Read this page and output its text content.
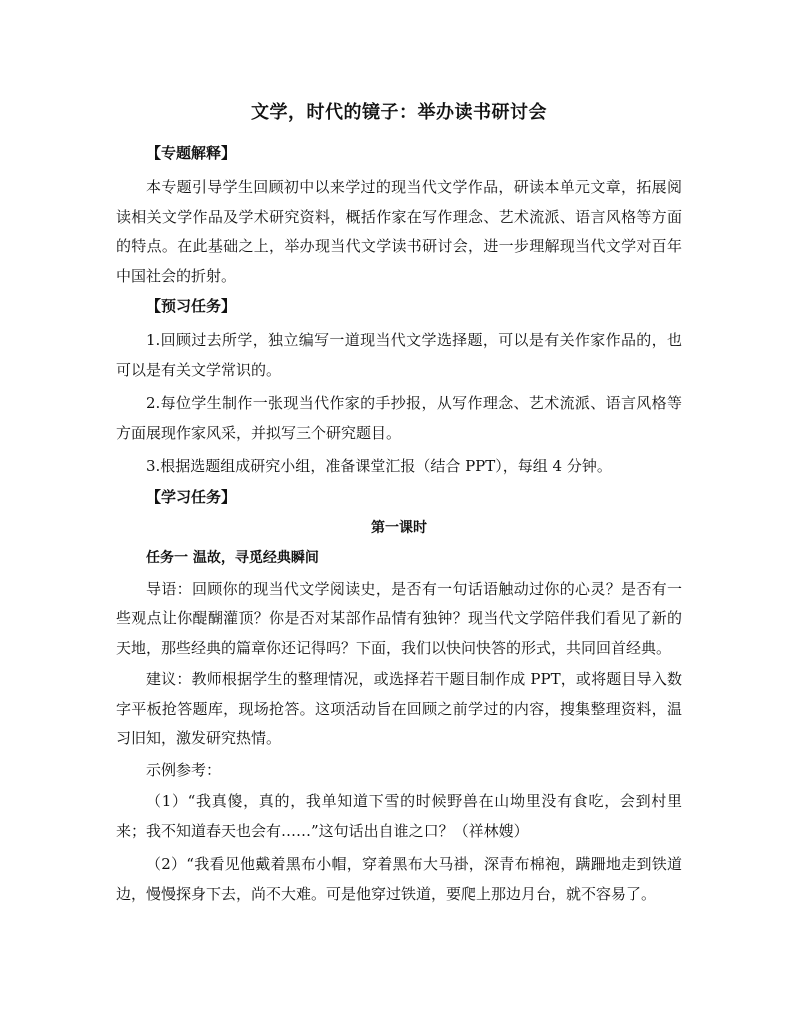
文学，时代的镜子：举办读书研讨会
【专题解释】

本专题引导学生回顾初中以来学过的现当代文学作品，研读本单元文章，拓展阅读相关文学作品及学术研究资料，概括作家在写作理念、艺术流派、语言风格等方面的特点。在此基础之上，举办现当代文学读书研讨会，进一步理解现当代文学对百年中国社会的折射。

【预习任务】

1.回顾过去所学，独立编写一道现当代文学选择题，可以是有关作家作品的，也可以是有关文学常识的。

2.每位学生制作一张现当代作家的手抄报，从写作理念、艺术流派、语言风格等方面展现作家风采，并拟写三个研究题目。

3.根据选题组成研究小组，准备课堂汇报（结合 PPT），每组 4 分钟。

【学习任务】
第一课时
任务一 温故，寻觅经典瞬间

导语：回顾你的现当代文学阅读史，是否有一句话语触动过你的心灵？是否有一些观点让你醍醐灌顶？你是否对某部作品情有独钟？现当代文学陪伴我们看见了新的天地，那些经典的篇章你还记得吗？下面，我们以快问快答的形式，共同回首经典。

建议：教师根据学生的整理情况，或选择若干题目制作成 PPT，或将题目导入数字平板抢答题库，现场抢答。这项活动旨在回顾之前学过的内容，搜集整理资料，温习旧知，激发研究热情。

示例参考：

（1）“我真傻，真的，我单知道下雪的时候野兽在山坳里没有食吃，会到村里来；我不知道春天也会有……”这句话出自谁之口？（祥林嫂）

（2）“我看见他戴着黑布小帽，穿着黑布大马褂，深青布棉袍，蹒跚地走到铁道边，慢慢探身下去，尚不大难。可是他穿过铁道，要爬上那边月台，就不容易了。
